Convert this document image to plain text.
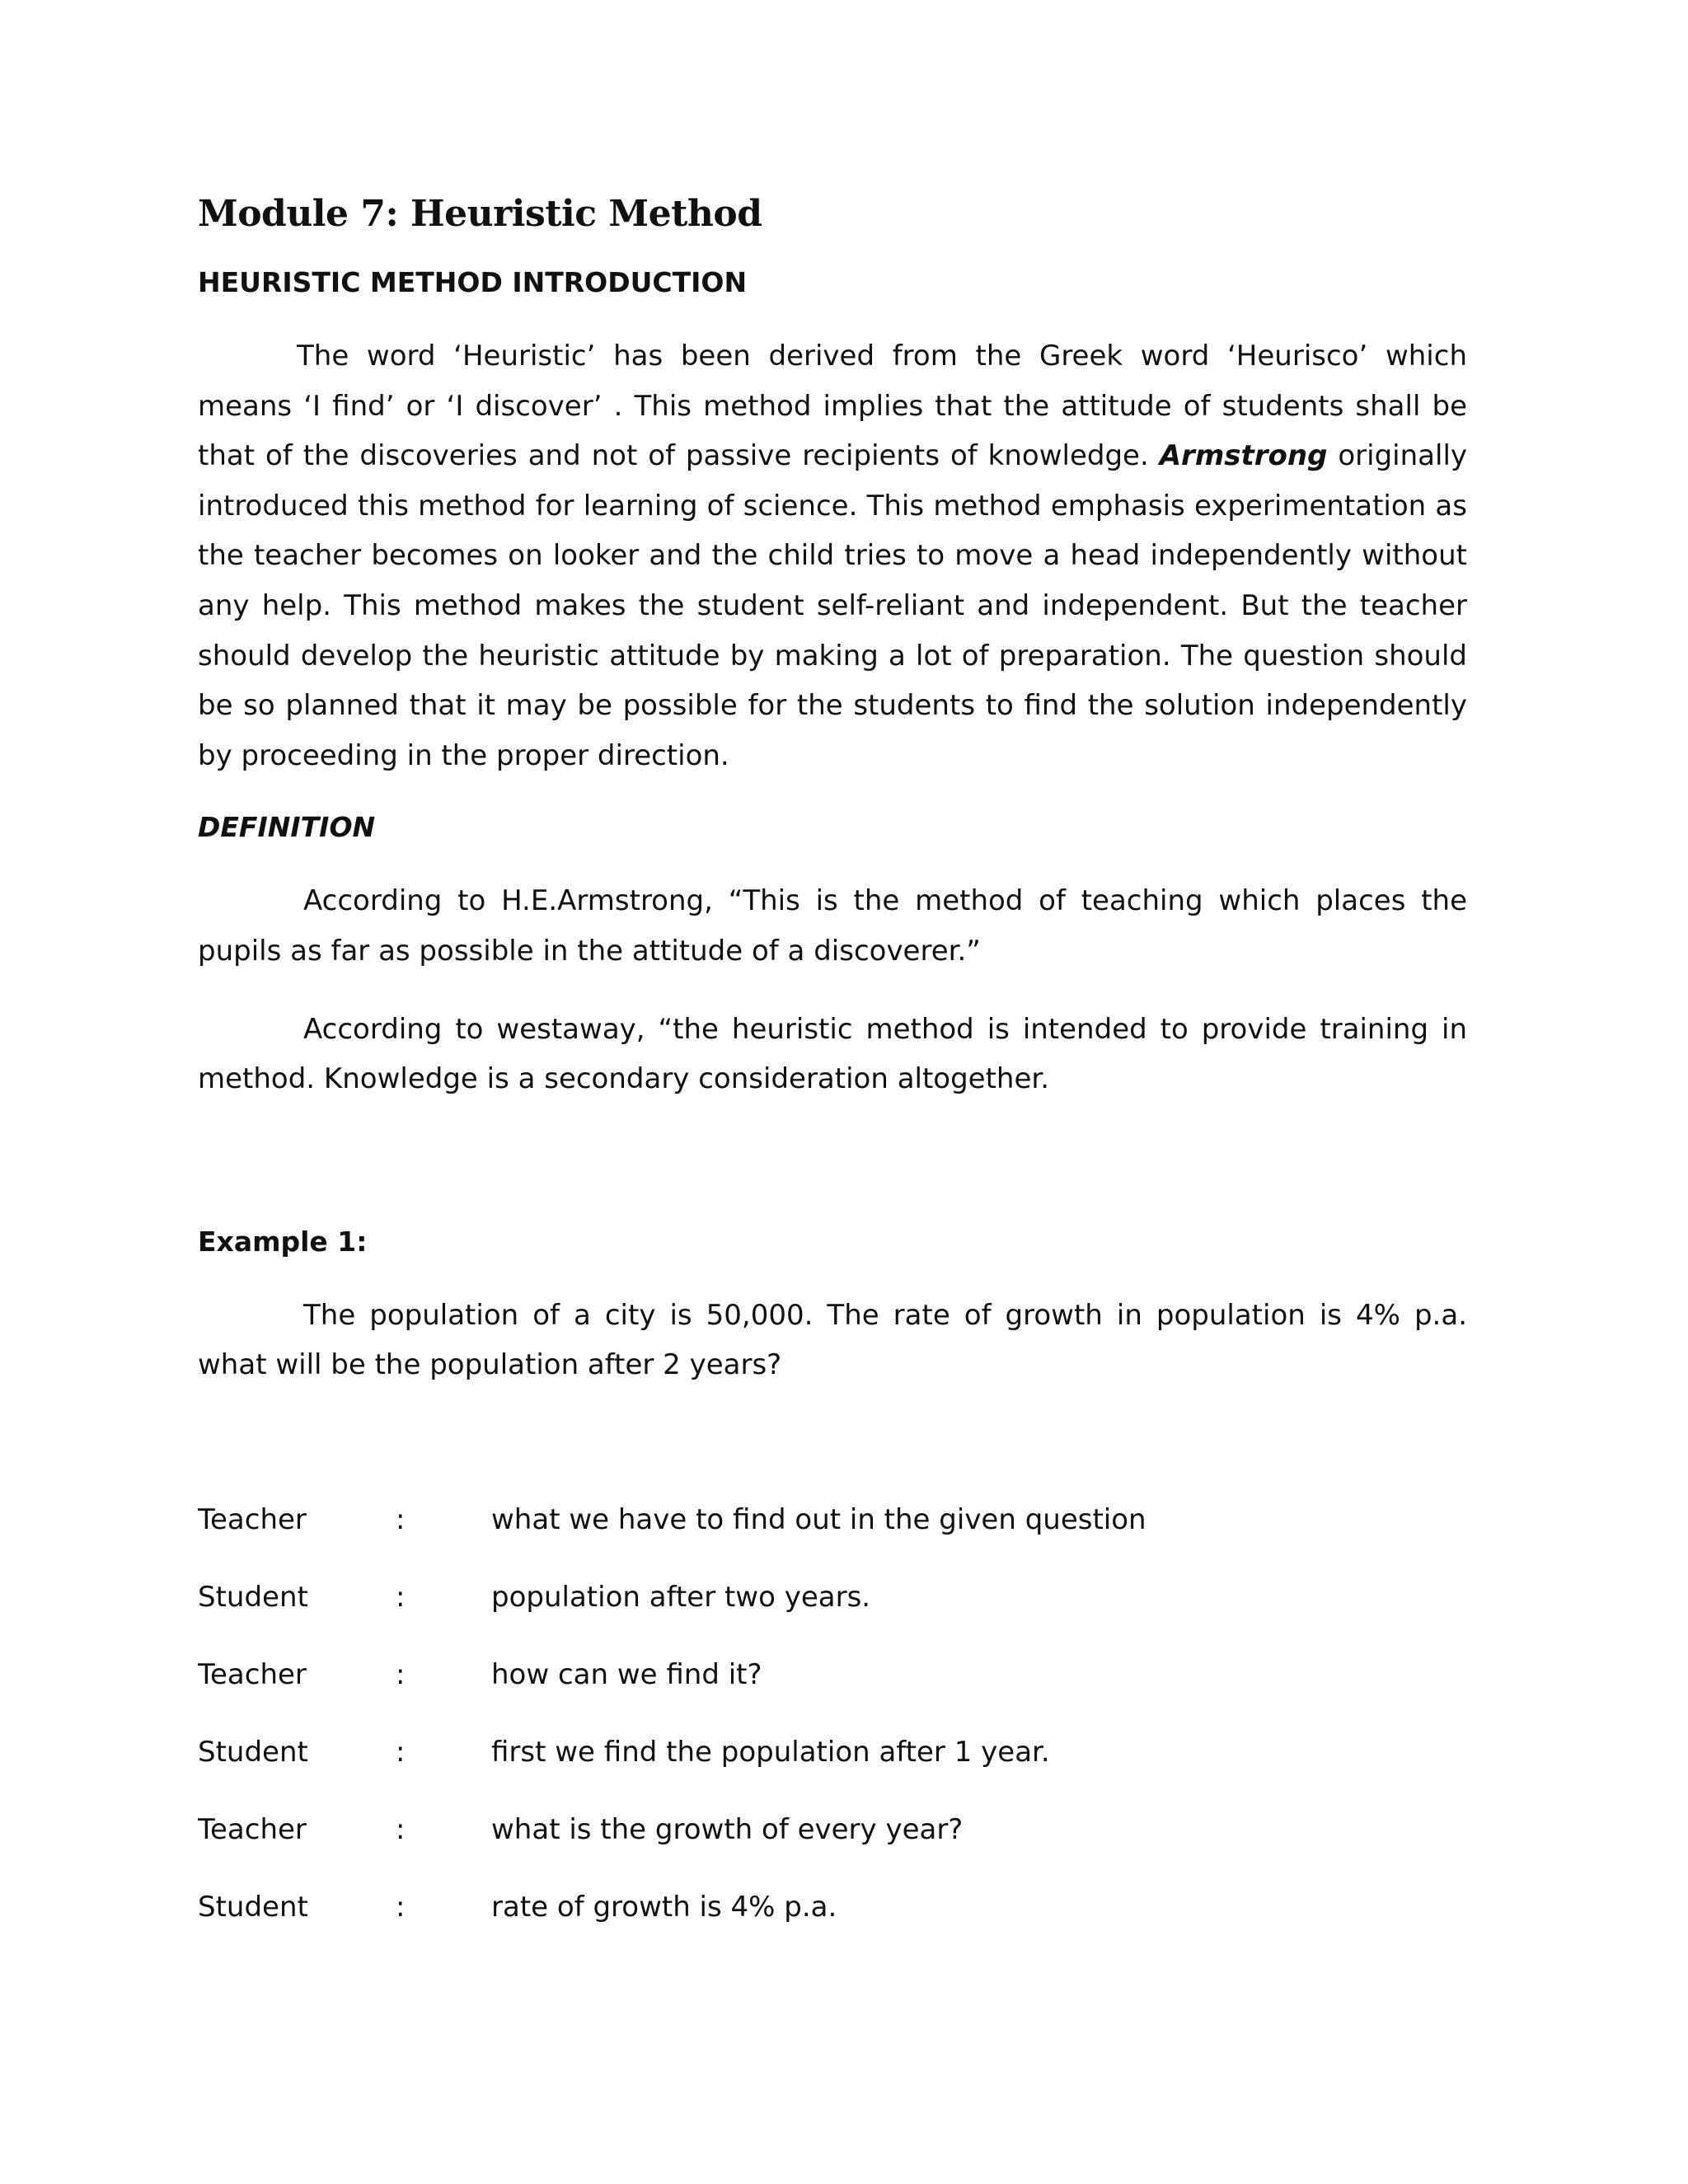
Module 7: Heuristic Method
HEURISTIC METHOD INTRODUCTION

The word ‘Heuristic’ has been derived from the Greek word ‘Heurisco’ which means ‘I find’ or ‘I discover’ . This method implies that the attitude of students shall be that of the discoveries and not of passive recipients of knowledge. Armstrong originally introduced this method for learning of science. This method emphasis experimentation as the teacher becomes on looker and the child tries to move a head independently without any help. This method makes the student self-reliant and independent. But the teacher should develop the heuristic attitude by making a lot of preparation. The question should be so planned that it may be possible for the students to find the solution independently by proceeding in the proper direction.

DEFINITION

According to H.E.Armstrong, “This is the method of teaching which places the pupils as far as possible in the attitude of a discoverer.”

According to westaway, “the heuristic method is intended to provide training in method. Knowledge is a secondary consideration altogether.

Example 1:

The population of a city is 50,000. The rate of growth in population is 4% p.a. what will be the population after 2 years?

Teacher	:	what we have to find out in the given question
Student	:	population after two years.
Teacher	:	how can we find it?
Student	:	first we find the population after 1 year.
Teacher	:	what is the growth of every year?
Student	:	rate of growth is 4% p.a.
